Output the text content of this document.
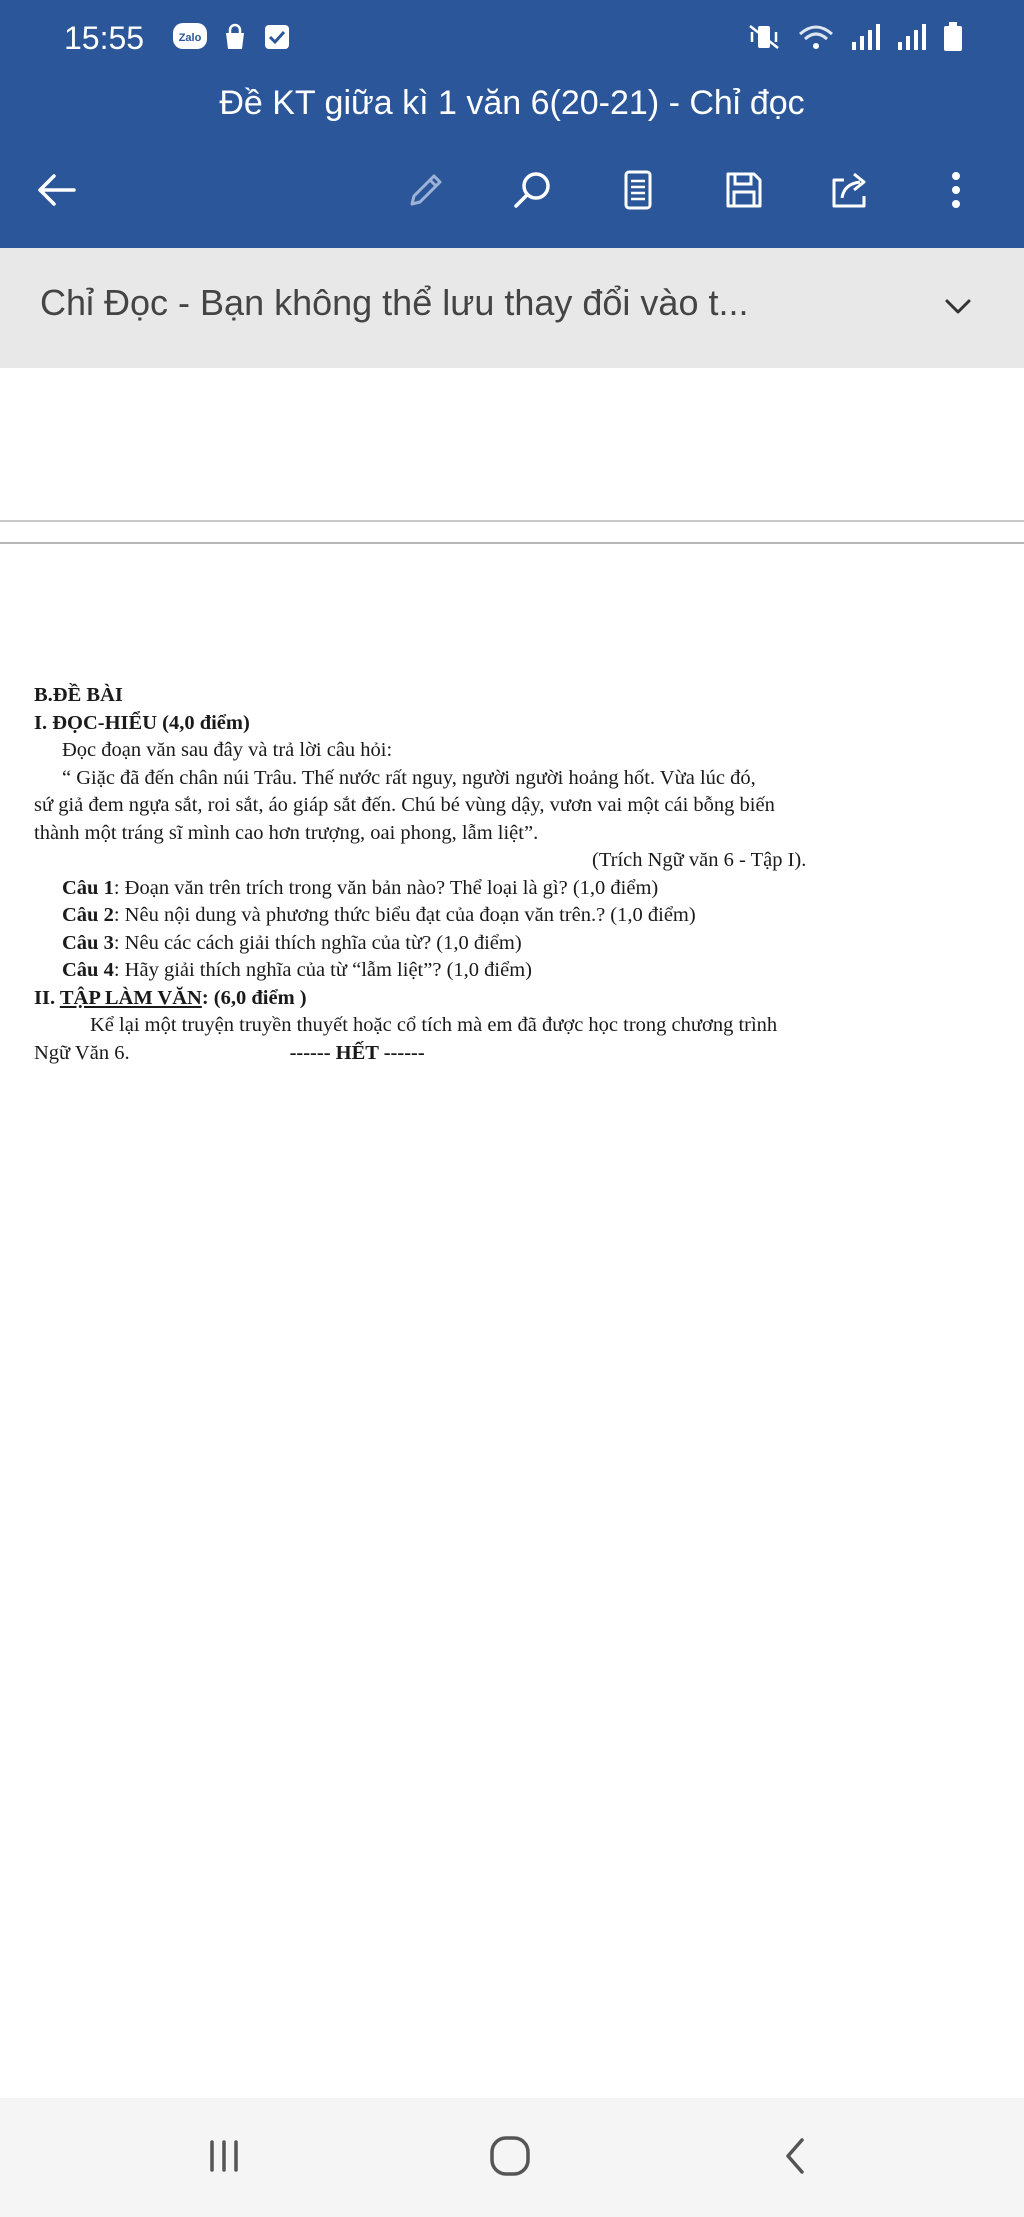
15:55	Zalo
Đề KT giữa kì 1 văn 6(20-21) - Chỉ đọc
Chỉ Đọc - Bạn không thể lưu thay đổi vào t...

B.ĐỀ BÀI

I. ĐỌC-HIỂU (4,0 điểm)

Đọc đoạn văn sau đây và trả lời câu hỏi:

“ Giặc đã đến chân núi Trâu. Thế nước rất nguy, người người hoảng hốt. Vừa lúc đó,

sứ giả đem ngựa sắt, roi sắt, áo giáp sắt đến. Chú bé vùng dậy, vươn vai một cái bỗng biến

thành một tráng sĩ mình cao hơn trượng, oai phong, lẫm liệt”.

(Trích Ngữ văn 6 - Tập I).

Câu 1: Đoạn văn trên trích trong văn bản nào? Thể loại là gì? (1,0 điểm)

Câu 2: Nêu nội dung và phương thức biểu đạt của đoạn văn trên.? (1,0 điểm)

Câu 3: Nêu các cách giải thích nghĩa của từ? (1,0 điểm)

Câu 4: Hãy giải thích nghĩa của từ “lẫm liệt”? (1,0 điểm)

II. TẬP LÀM VĂN: (6,0 điểm )

Kể lại một truyện truyền thuyết hoặc cổ tích mà em đã được học trong chương trình

Ngữ Văn 6.	------ HẾT ------
